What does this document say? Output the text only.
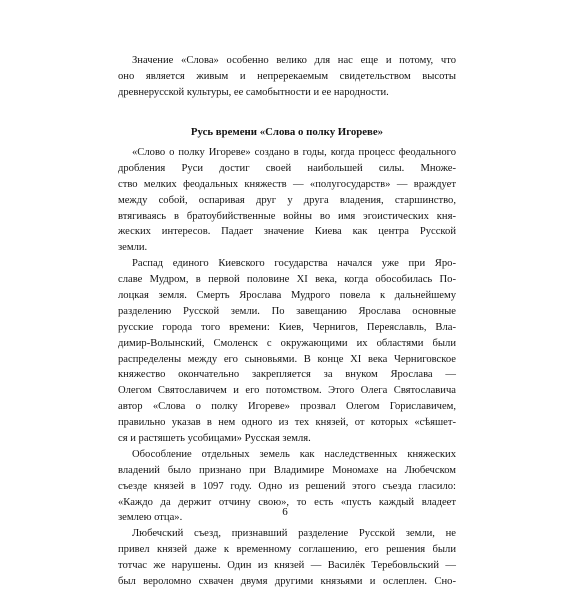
Значение «Слова» особенно велико для нас еще и потому, что
оно является живым и непререкаемым свидетельством высоты
древнерусской культуры, ее самобытности и ее народности.
Русь времени «Слова о полку Игореве»
«Слово о полку Игореве» создано в годы, когда процесс феодального
дробления Руси достиг своей наибольшей силы. Множе-
ство мелких феодальных княжеств — «полугосударств» — враждует
между собой, оспаривая друг у друга владения, старшинство,
втягиваясь в братоубийственные войны во имя эгоистических кня-
жеских интересов. Падает значение Киева как центра Русской
земли.
Распад единого Киевского государства начался уже при Яро-
славе Мудром, в первой половине XI века, когда обособилась По-
лоцкая земля. Смерть Ярослава Мудрого повела к дальнейшему
разделению Русской земли. По завещанию Ярослава основные
русские города того времени: Киев, Чернигов, Переяславль, Вла-
димир-Волынский, Смоленск с окружающими их областями были
распределены между его сыновьями. В конце XI века Черниговское
княжество окончательно закрепляется за внуком Ярослава —
Олегом Святославичем и его потомством. Этого Олега Святославича
автор «Слова о полку Игореве» прозвал Олегом Гориславичем,
правильно указав в нем одного из тех князей, от которых «сѣяшет-
ся и растяшеть усобицами» Русская земля.
Обособление отдельных земель как наследственных княжеских
владений было признано при Владимире Мономахе на Любечском
съезде князей в 1097 году. Одно из решений этого съезда гласило:
«Каждо да держит отчину свою», то есть «пусть каждый владеет
землею отца».
Любечский съезд, признавший разделение Русской земли, не
привел князей даже к временному соглашению, его решения были
тотчас же нарушены. Один из князей — Василёк Теребовльский —
был вероломно схвачен двумя другими князьями и ослеплен. Сно-
6
